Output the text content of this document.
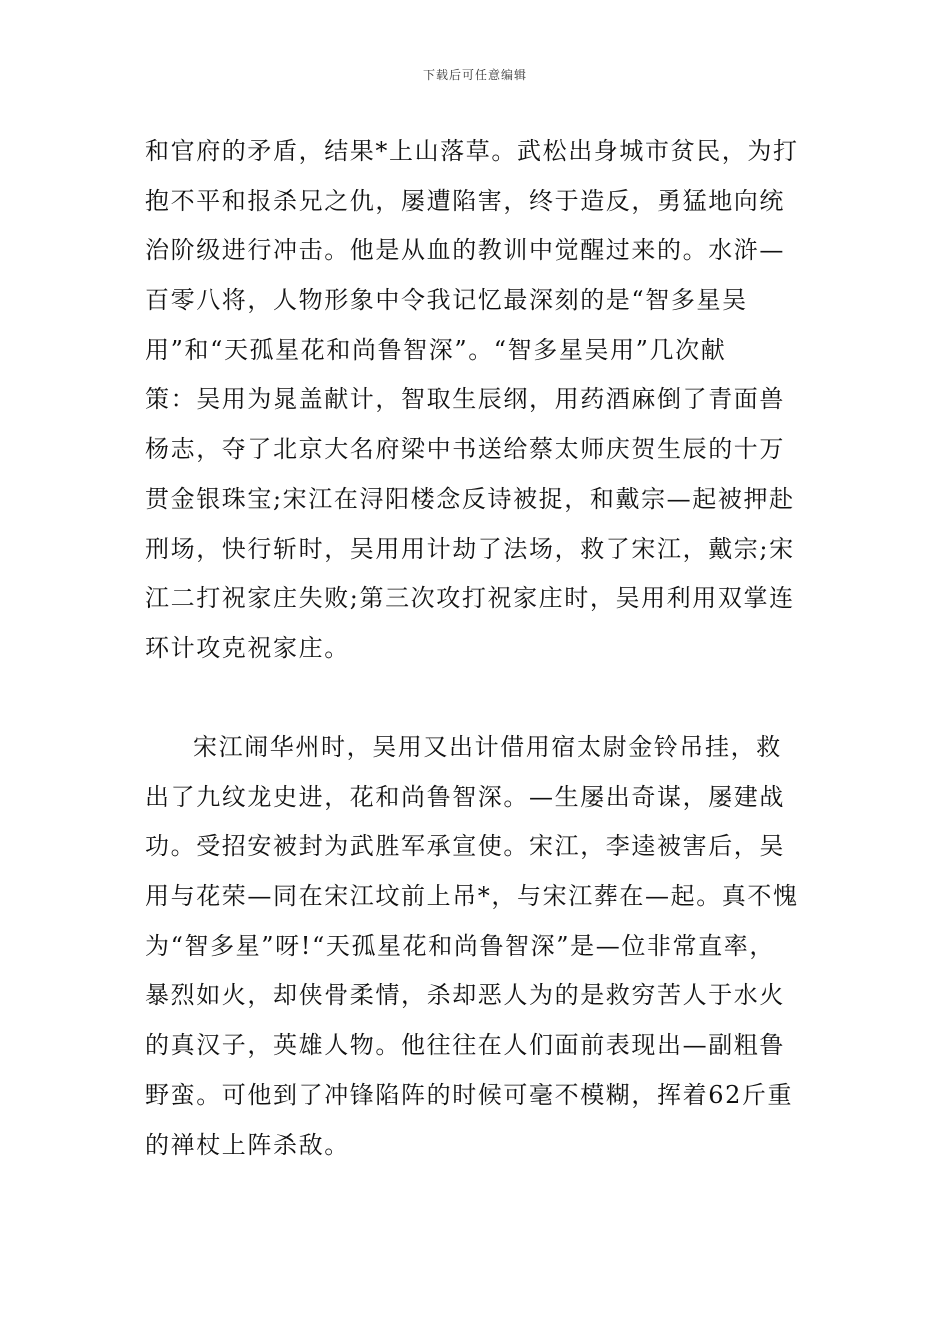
下载后可任意编辑
和官府的矛盾，结果*上山落草。武松出身城市贫民，为打
抱不平和报杀兄之仇，屡遭陷害，终于造反，勇猛地向统
治阶级进行冲击。他是从血的教训中觉醒过来的。水浒—
百零八将，人物形象中令我记忆最深刻的是“智多星吴
用”和“天孤星花和尚鲁智深”。“智多星吴用”几次献
策：吴用为晁盖献计，智取生辰纲，用药酒麻倒了青面兽
杨志，夺了北京大名府梁中书送给蔡太师庆贺生辰的十万
贯金银珠宝;宋江在浔阳楼念反诗被捉，和戴宗—起被押赴
刑场，快行斩时，吴用用计劫了法场，救了宋江，戴宗;宋
江二打祝家庄失败;第三次攻打祝家庄时，吴用利用双掌连
环计攻克祝家庄。
宋江闹华州时，吴用又出计借用宿太尉金铃吊挂，救
出了九纹龙史进，花和尚鲁智深。—生屡出奇谋，屡建战
功。受招安被封为武胜军承宣使。宋江，李逵被害后，吴
用与花荣—同在宋江坟前上吊*，与宋江葬在—起。真不愧
为“智多星”呀!“天孤星花和尚鲁智深”是—位非常直率，
暴烈如火，却侠骨柔情，杀却恶人为的是救穷苦人于水火
的真汉子，英雄人物。他往往在人们面前表现出—副粗鲁
野蛮。可他到了冲锋陷阵的时候可毫不模糊，挥着62斤重
的禅杖上阵杀敌。
